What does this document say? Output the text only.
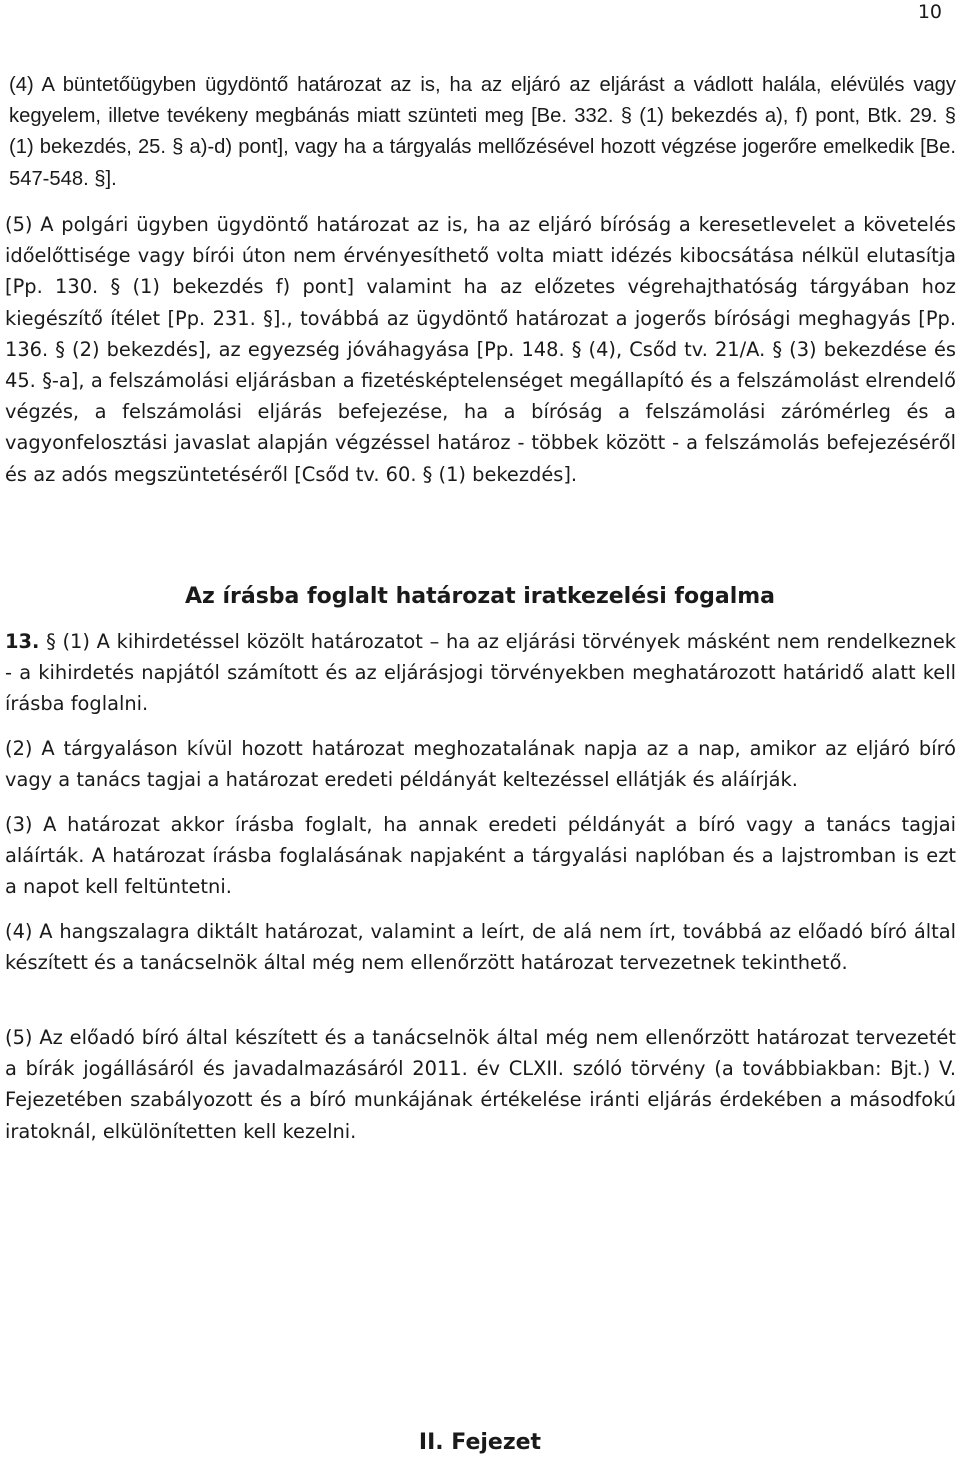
10

(4) A büntetőügyben ügydöntő határozat az is, ha az eljáró az eljárást a vádlott halála, elévülés vagy kegyelem, illetve tevékeny megbánás miatt szünteti meg [Be. 332. § (1) bekezdés a), f) pont, Btk. 29. § (1) bekezdés, 25. § a)-d) pont], vagy ha a tárgyalás mellőzésével hozott végzése jogerőre emelkedik [Be. 547-548. §].

(5) A polgári ügyben ügydöntő határozat az is, ha az eljáró bíróság a keresetlevelet a követelés időelőttisége vagy bírói úton nem érvényesíthető volta miatt idézés kibocsátása nélkül elutasítja [Pp. 130. § (1) bekezdés f) pont] valamint ha az előzetes végrehajthatóság tárgyában hoz kiegészítő ítélet [Pp. 231. §]., továbbá az ügydöntő határozat a jogerős bírósági meghagyás [Pp. 136. § (2) bekezdés], az egyezség jóváhagyása [Pp. 148. § (4), Csőd tv. 21/A. § (3) bekezdése és 45. §-a], a felszámolási eljárásban a fizetésképtelenséget megállapító és a felszámolást elrendelő végzés, a felszámolási eljárás befejezése, ha a bíróság a felszámolási zárómérleg és a vagyonfelosztási javaslat alapján végzéssel határoz - többek között - a felszámolás befejezéséről és az adós megszüntetéséről [Csőd tv. 60. § (1) bekezdés].

Az írásba foglalt határozat iratkezelési fogalma

13. § (1) A kihirdetéssel közölt határozatot – ha az eljárási törvények másként nem rendelkeznek - a kihirdetés napjától számított és az eljárásjogi törvényekben meghatározott határidő alatt kell írásba foglalni.

(2) A tárgyaláson kívül hozott határozat meghozatalának napja az a nap, amikor az eljáró bíró vagy a tanács tagjai a határozat eredeti példányát keltezéssel ellátják és aláírják.

(3) A határozat akkor írásba foglalt, ha annak eredeti példányát a bíró vagy a tanács tagjai aláírták. A határozat írásba foglalásának napjaként a tárgyalási naplóban és a lajstromban is ezt a napot kell feltüntetni.

(4) A hangszalagra diktált határozat, valamint a leírt, de alá nem írt, továbbá az előadó bíró által készített és a tanácselnök által még nem ellenőrzött határozat tervezetnek tekinthető.

(5) Az előadó bíró által készített és a tanácselnök által még nem ellenőrzött határozat tervezetét a bírák jogállásáról és javadalmazásáról 2011. év CLXII. szóló törvény (a továbbiakban: Bjt.) V. Fejezetében szabályozott és a bíró munkájának értékelése iránti eljárás érdekében a másodfokú iratoknál, elkülönítetten kell kezelni.

II. Fejezet
